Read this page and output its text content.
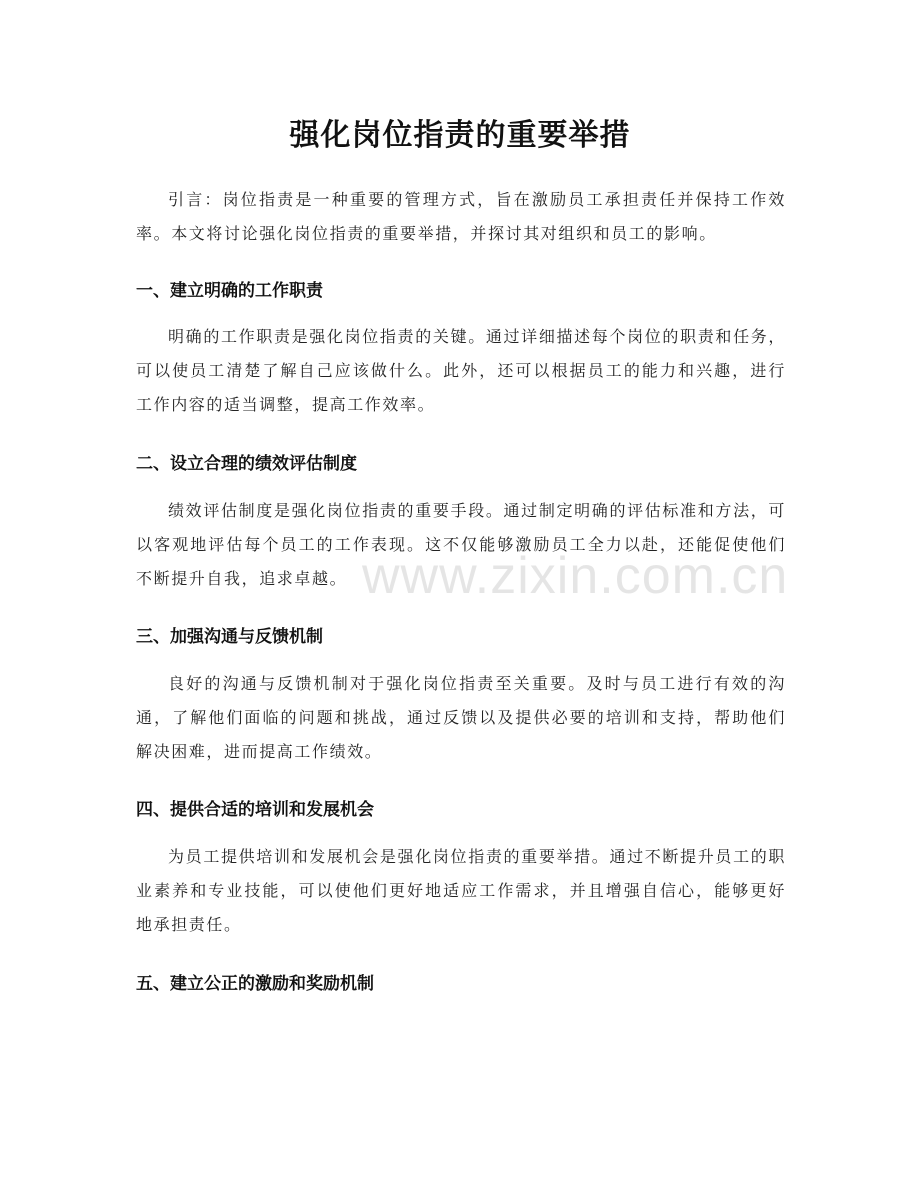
强化岗位指责的重要举措

引言：岗位指责是一种重要的管理方式，旨在激励员工承担责任并保持工作效率。本文将讨论强化岗位指责的重要举措，并探讨其对组织和员工的影响。

一、建立明确的工作职责

明确的工作职责是强化岗位指责的关键。通过详细描述每个岗位的职责和任务，可以使员工清楚了解自己应该做什么。此外，还可以根据员工的能力和兴趣，进行工作内容的适当调整，提高工作效率。

二、设立合理的绩效评估制度

绩效评估制度是强化岗位指责的重要手段。通过制定明确的评估标准和方法，可以客观地评估每个员工的工作表现。这不仅能够激励员工全力以赴，还能促使他们不断提升自我，追求卓越。

三、加强沟通与反馈机制

良好的沟通与反馈机制对于强化岗位指责至关重要。及时与员工进行有效的沟通，了解他们面临的问题和挑战，通过反馈以及提供必要的培训和支持，帮助他们解决困难，进而提高工作绩效。

四、提供合适的培训和发展机会

为员工提供培训和发展机会是强化岗位指责的重要举措。通过不断提升员工的职业素养和专业技能，可以使他们更好地适应工作需求，并且增强自信心，能够更好地承担责任。

五、建立公正的激励和奖励机制
www.zixin.com.cn
